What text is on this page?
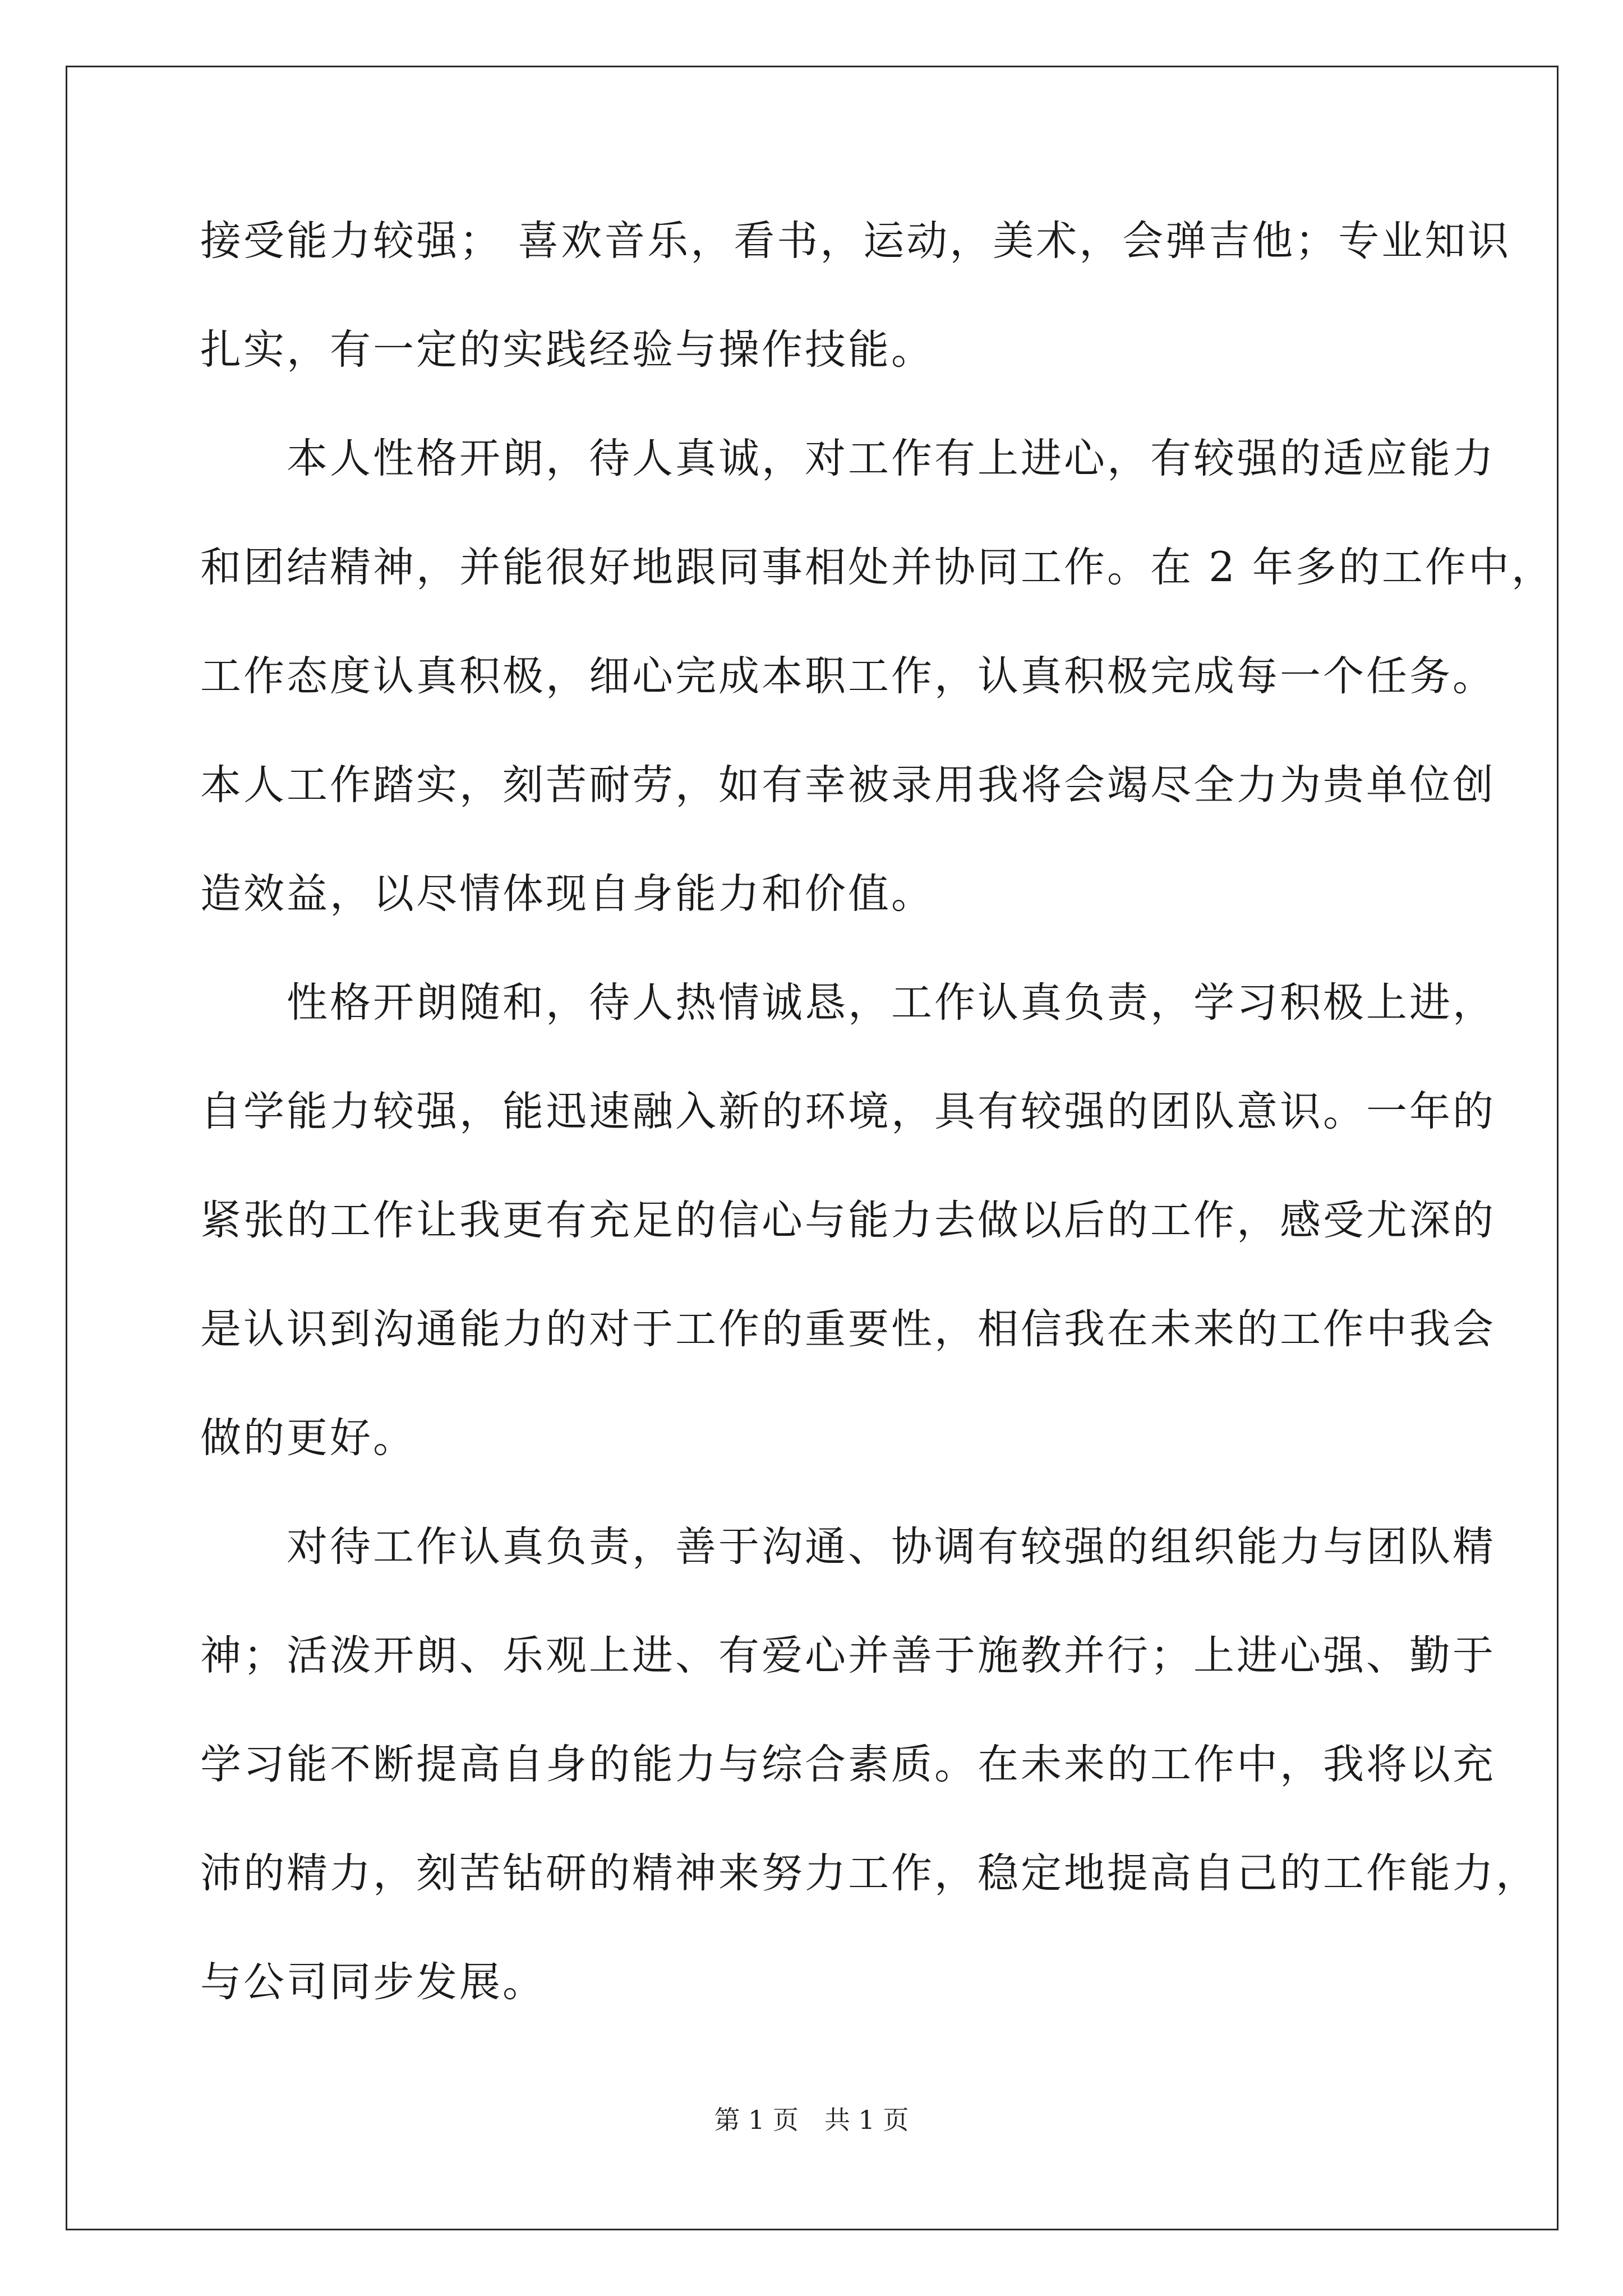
接受能力较强； 喜欢音乐，看书，运动，美术，会弹吉他；专业知识
扎实，有一定的实践经验与操作技能。
　　本人性格开朗，待人真诚，对工作有上进心，有较强的适应能力
和团结精神，并能很好地跟同事相处并协同工作。在 2 年多的工作中，
工作态度认真积极，细心完成本职工作，认真积极完成每一个任务。
本人工作踏实，刻苦耐劳，如有幸被录用我将会竭尽全力为贵单位创
造效益，以尽情体现自身能力和价值。
　　性格开朗随和，待人热情诚恳，工作认真负责，学习积极上进，
自学能力较强，能迅速融入新的环境，具有较强的团队意识。一年的
紧张的工作让我更有充足的信心与能力去做以后的工作，感受尤深的
是认识到沟通能力的对于工作的重要性，相信我在未来的工作中我会
做的更好。
　　对待工作认真负责，善于沟通、协调有较强的组织能力与团队精
神；活泼开朗、乐观上进、有爱心并善于施教并行；上进心强、勤于
学习能不断提高自身的能力与综合素质。在未来的工作中，我将以充
沛的精力，刻苦钻研的精神来努力工作，稳定地提高自己的工作能力，
与公司同步发展。
第 1 页　共 1 页
